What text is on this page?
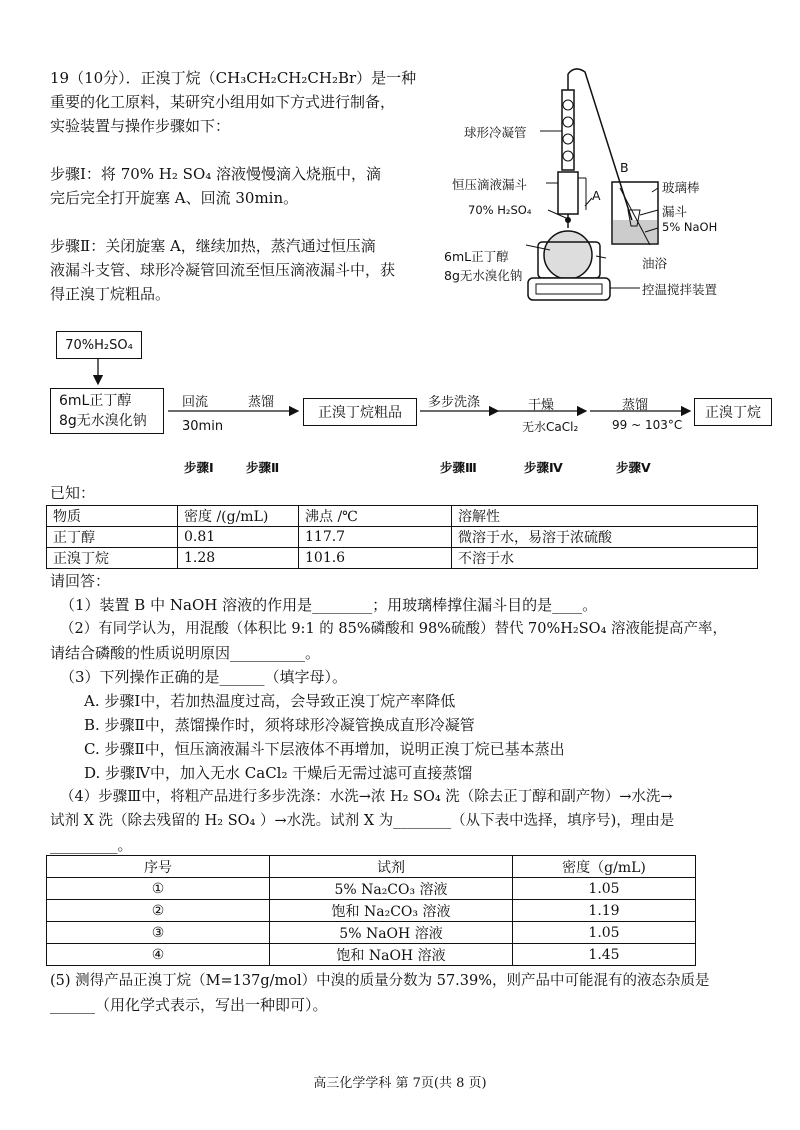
19（10分）．正溴丁烷（CH₃CH₂CH₂CH₂Br）是一种
重要的化工原料，某研究小组用如下方式进行制备，
实验装置与操作步骤如下：
步骤Ⅰ：将 70% H₂ SO₄ 溶液慢慢滴入烧瓶中，滴
完后完全打开旋塞 A、回流 30min。
步骤Ⅱ：关闭旋塞 A，继续加热，蒸汽通过恒压滴
液漏斗支管、球形冷凝管回流至恒压滴液漏斗中，获
得正溴丁烷粗品。
球形冷凝管
恒压滴液漏斗
70% H₂SO₄
6mL正丁醇
8g无水溴化钠
A
B
玻璃棒
漏斗
5% NaOH
油浴
控温搅拌装置
70%H₂SO₄
6mL正丁醇
8g无水溴化钠
回流
30min
蒸馏
正溴丁烷粗品
多步洗涤	干燥
无水CaCl₂
蒸馏
99 ~ 103°C
正溴丁烷
步骤Ⅰ	步骤Ⅱ	步骤Ⅲ	步骤Ⅳ	步骤Ⅴ
已知：
物质	密度 /(g/mL)	沸点 /℃	溶解性
正丁醇	0.81	117.7	微溶于水，易溶于浓硫酸
正溴丁烷	1.28	101.6	不溶于水
请回答：
（1）装置 B 中 NaOH 溶液的作用是________；用玻璃棒撑住漏斗目的是____。
（2）有同学认为，用混酸（体积比 9:1 的 85%磷酸和 98%硫酸）替代 70%H₂SO₄ 溶液能提高产率，
请结合磷酸的性质说明原因__________。
（3）下列操作正确的是______（填字母）。
A. 步骤Ⅰ中，若加热温度过高，会导致正溴丁烷产率降低
B. 步骤Ⅱ中，蒸馏操作时，须将球形冷凝管换成直形冷凝管
C. 步骤Ⅱ中，恒压滴液漏斗下层液体不再增加，说明正溴丁烷已基本蒸出
D. 步骤Ⅳ中，加入无水 CaCl₂ 干燥后无需过滤可直接蒸馏
（4）步骤Ⅲ中，将粗产品进行多步洗涤：水洗→浓 H₂ SO₄ 洗（除去正丁醇和副产物）→水洗→
试剂 X 洗（除去残留的 H₂ SO₄ ）→水洗。试剂 X 为________（从下表中选择，填序号)，理由是
_________。
序号	试剂	密度（g/mL)
①	5% Na₂CO₃ 溶液	1.05
②	饱和 Na₂CO₃ 溶液	1.19
③	5% NaOH 溶液	1.05
④	饱和 NaOH 溶液	1.45
(5) 测得产品正溴丁烷（M=137g/mol）中溴的质量分数为 57.39%，则产品中可能混有的液态杂质是
______（用化学式表示，写出一种即可）。
高三化学学科 第 7页(共 8 页)
